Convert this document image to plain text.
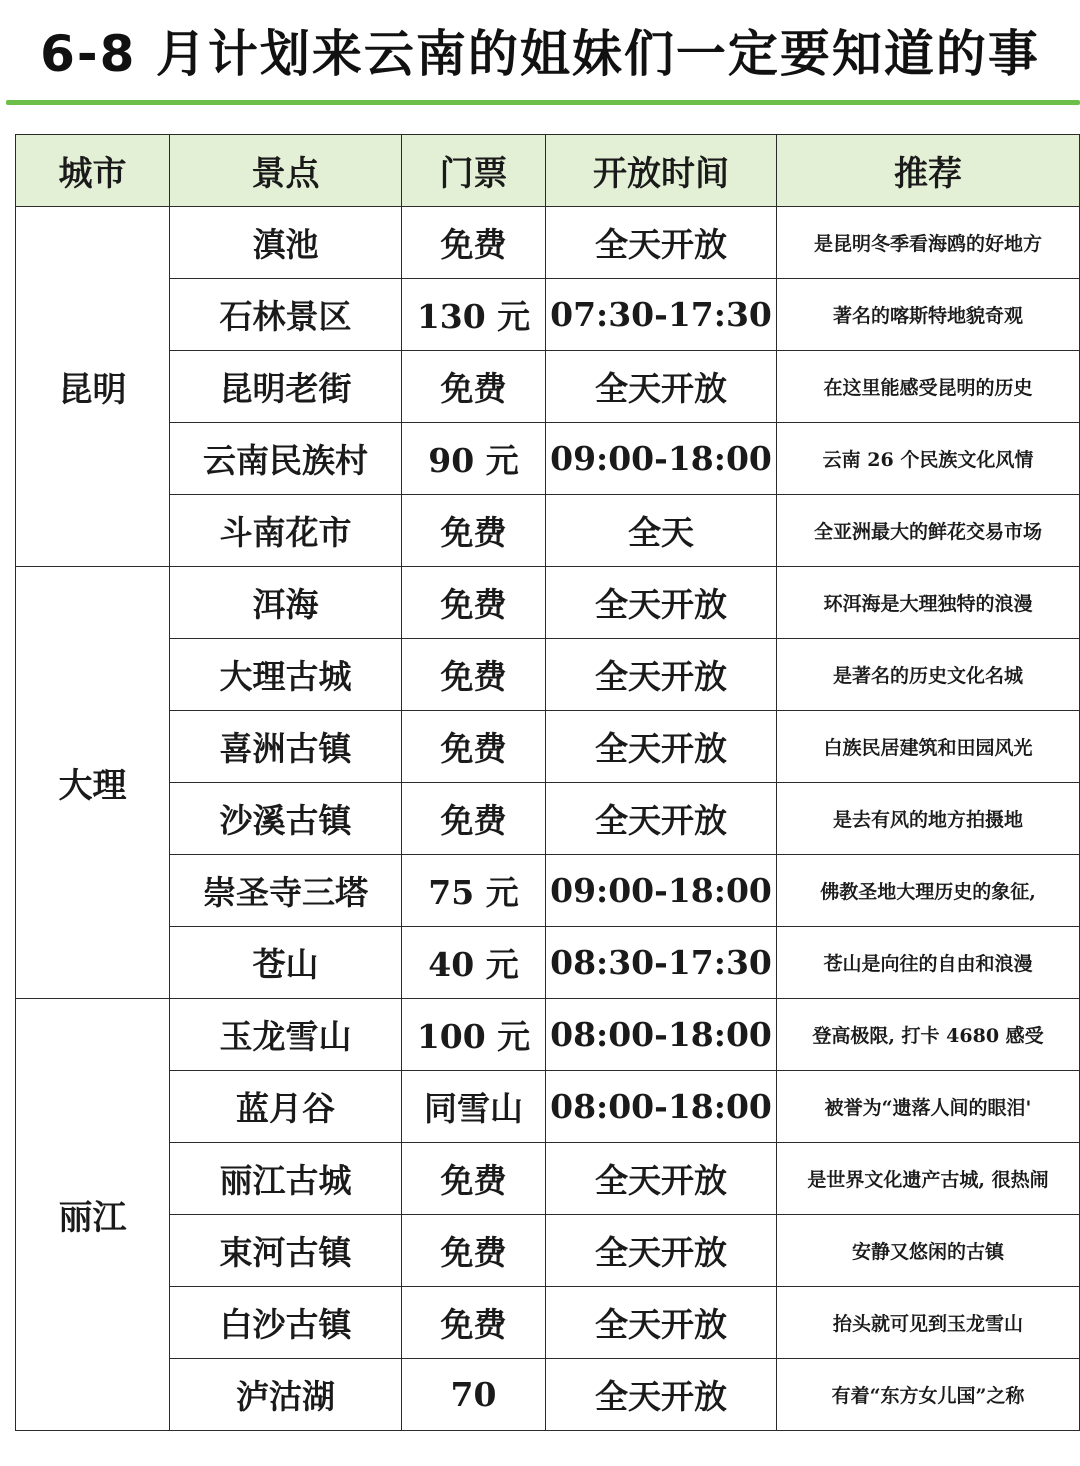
6-8 月计划来云南的姐妹们一定要知道的事
城市	景点	门票	开放时间	推荐
昆明	滇池	免费	全天开放	是昆明冬季看海鸥的好地方
	石林景区	130 元	07:30-17:30	著名的喀斯特地貌奇观
	昆明老街	免费	全天开放	在这里能感受昆明的历史
	云南民族村	90 元	09:00-18:00	云南 26 个民族文化风情
	斗南花市	免费	全天	全亚洲最大的鲜花交易市场
大理	洱海	免费	全天开放	环洱海是大理独特的浪漫
	大理古城	免费	全天开放	是著名的历史文化名城
	喜洲古镇	免费	全天开放	白族民居建筑和田园风光
	沙溪古镇	免费	全天开放	是去有风的地方拍摄地
	崇圣寺三塔	75 元	09:00-18:00	佛教圣地大理历史的象征,
	苍山	40 元	08:30-17:30	苍山是向往的自由和浪漫
丽江	玉龙雪山	100 元	08:00-18:00	登高极限, 打卡 4680 感受
	蓝月谷	同雪山	08:00-18:00	被誉为“遗落人间的眼泪'
	丽江古城	免费	全天开放	是世界文化遗产古城, 很热闹
	束河古镇	免费	全天开放	安静又悠闲的古镇
	白沙古镇	免费	全天开放	抬头就可见到玉龙雪山
	泸沽湖	70	全天开放	有着“东方女儿国”之称
